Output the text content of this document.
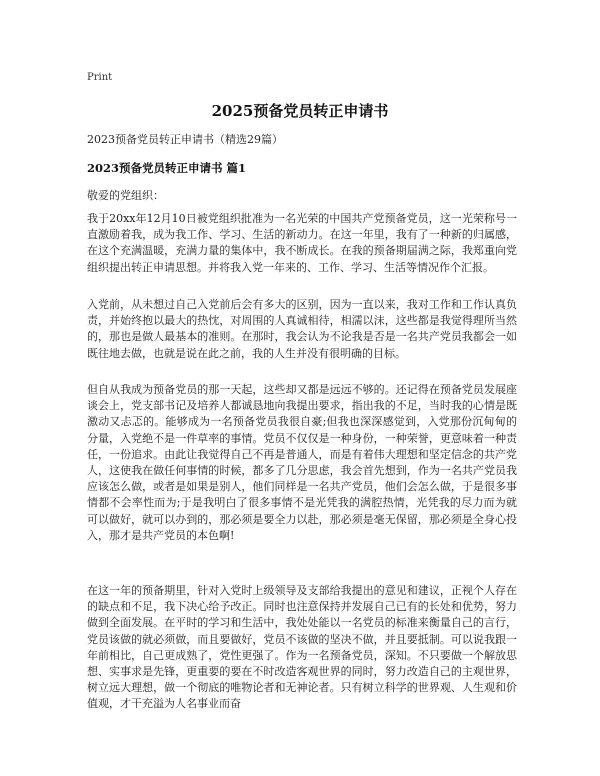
Print
2025预备党员转正申请书
2023预备党员转正申请书（精选29篇）
2023预备党员转正申请书 篇1
敬爱的党组织：

我于20xx年12月10日被党组织批准为一名光荣的中国共产党预备党员，这一光荣称号一直激励着我，成为我工作、学习、生活的新动力。在这一年里，我有了一种新的归属感，在这个充满温暖，充满力量的集体中，我不断成长。在我的预备期届满之际，我郑重向党组织提出转正申请思想。并将我入党一年来的、工作、学习、生活等情况作个汇报。

入党前，从未想过自己入党前后会有多大的区别，因为一直以来，我对工作和工作认真负责，并始终抱以最大的热忱，对周围的人真诚相待，相濡以沫，这些都是我觉得理所当然的，那也是做人最基本的准则。在那时，我会认为不论我是否是一名共产党员我都会一如既往地去做，也就是说在此之前，我的人生并没有很明确的目标。

但自从我成为预备党员的那一天起，这些却又都是远远不够的。还记得在预备党员发展座谈会上，党支部书记及培养人都诚恳地向我提出要求，指出我的不足，当时我的心情是既激动又忐忑的。能够成为一名预备党员我很自豪;但我也深深感觉到，入党那份沉甸甸的分量，入党绝不是一件草率的事情。党员不仅仅是一种身份，一种荣誉，更意味着一种责任，一份追求。由此让我觉得自己不再是普通人，而是有着伟大理想和坚定信念的共产党人，这使我在做任何事情的时候，都多了几分思虑，我会首先想到，作为一名共产党员我应该怎么做，或者是如果是别人，他们同样是一名共产党员，他们会怎么做，于是很多事情都不会率性而为;于是我明白了很多事情不是光凭我的满腔热情，光凭我的尽力而为就可以做好，就可以办到的，那必须是要全力以赴，那必须是毫无保留，那必须是全身心投入，那才是共产党员的本色啊!

在这一年的预备期里，针对入党时上级领导及支部给我提出的意见和建议，正视个人存在的缺点和不足，我下决心给予改正。同时也注意保持并发展自己已有的长处和优势，努力做到全面发展。在平时的学习和生活中，我处处能以一名党员的标准来衡量自己的言行，党员该做的就必须做，而且要做好，党员不该做的坚决不做，并且要抵制。可以说我跟一年前相比，自己更成熟了，党性更强了。作为一名预备党员，深知。不只要做一个解放思想、实事求是先锋，更重要的要在不时改造客观世界的同时，努力改造自己的主观世界，树立远大理想，做一个彻底的唯物论者和无神论者。只有树立科学的世界观、人生观和价值观，才干充溢为人名事业而奋
